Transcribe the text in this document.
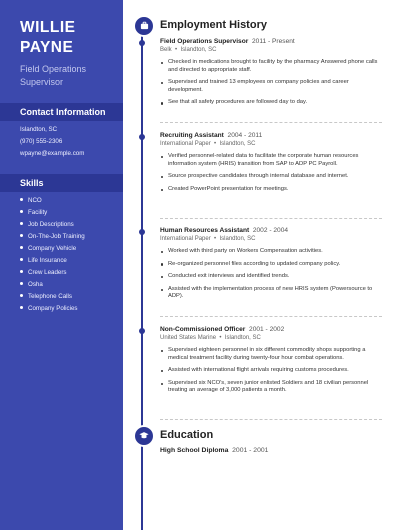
WILLIE
PAYNE
Field Operations Supervisor
Contact Information
Islandton, SC
(970) 555-2306
wpayne@example.com
Skills
NCO
Facility
Job Descriptions
On-The-Job Training
Company Vehicle
Life Insurance
Crew Leaders
Osha
Telephone Calls
Company Policies
Employment History
Field Operations Supervisor 2011 - Present
Belk  •  Islandton, SC
Checked in medications brought to facility by the pharmacy Answered phone calls and directed to appropriate staff.
Supervised and trained 13 employees on company policies and career development.
See that all safety procedures are followed day to day.
Recruiting Assistant 2004 - 2011
International Paper  •  Islandton, SC
Verified personnel-related data to facilitate the corporate human resources information system (HRIS) transition from SAP to ADP PC Payroll.
Source prospective candidates through internal database and internet.
Created PowerPoint presentation for meetings.
Human Resources Assistant 2002 - 2004
International Paper  •  Islandton, SC
Worked with third party on Workers Compensation activities.
Re-organized personnel files according to updated company policy.
Conducted exit interviews and identified trends.
Assisted with the implementation process of new HRIS system (Powersource to ADP).
Non-Commissioned Officer 2001 - 2002
United States Marine  •  Islandton, SC
Supervised eighteen personnel in six different commodity shops supporting a medical treatment facility during twenty-four hour combat operations.
Assisted with international flight arrivals requiring customs procedures.
Supervised six NCO's, seven junior enlisted Soldiers and 18 civilian personnel treating an average of 3,000 patients a month.
Education
High School Diploma 2001 - 2001
